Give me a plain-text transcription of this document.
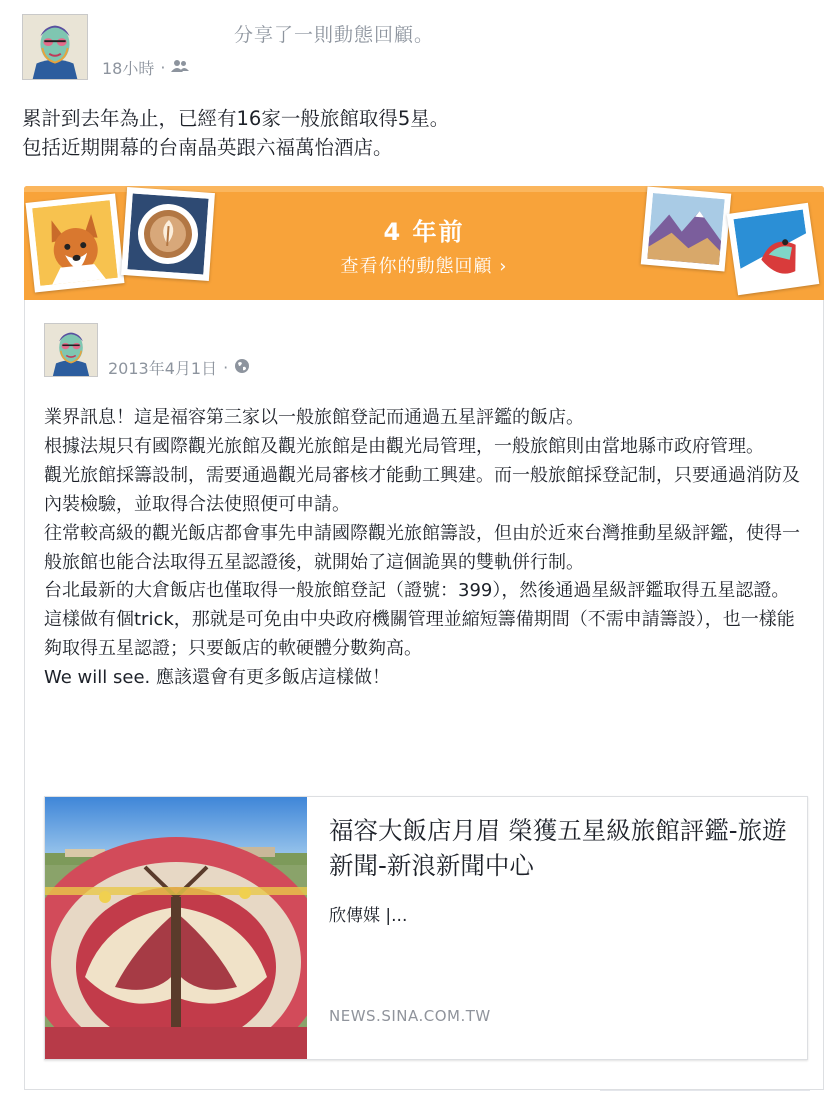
分享了一則動態回顧。
18小時 ·
累計到去年為止，已經有16家一般旅館取得5星。
包括近期開幕的台南晶英跟六福萬怡酒店。
4 年前
查看你的動態回顧 ›
2013年4月1日 ·
業界訊息！這是福容第三家以一般旅館登記而通過五星評鑑的飯店。
根據法規只有國際觀光旅館及觀光旅館是由觀光局管理，一般旅館則由當地縣市政府管理。
觀光旅館採籌設制，需要通過觀光局審核才能動工興建。而一般旅館採登記制，只要通過消防及內裝檢驗，並取得合法使照便可申請。
往常較高級的觀光飯店都會事先申請國際觀光旅館籌設，但由於近來台灣推動星級評鑑，使得一般旅館也能合法取得五星認證後，就開始了這個詭異的雙軌併行制。
台北最新的大倉飯店也僅取得一般旅館登記（證號：399），然後通過星級評鑑取得五星認證。
這樣做有個trick，那就是可免由中央政府機關管理並縮短籌備期間（不需申請籌設），也一樣能夠取得五星認證；只要飯店的軟硬體分數夠高。
We will see. 應該還會有更多飯店這樣做！
福容大飯店月眉 榮獲五星級旅館評鑑-旅遊新聞-新浪新聞中心
欣傳媒 |...
NEWS.SINA.COM.TW
